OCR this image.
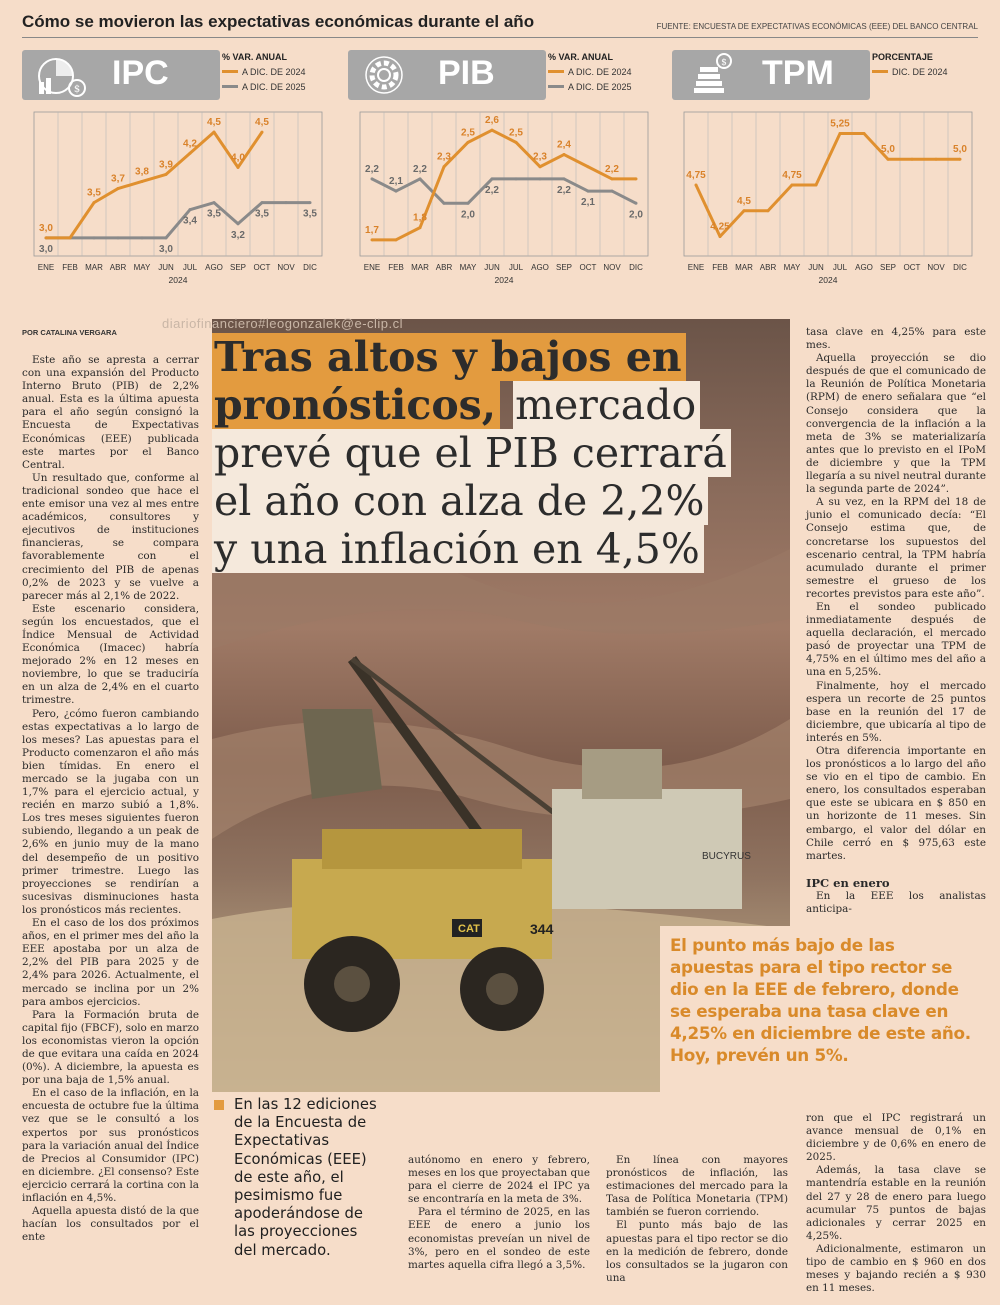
Cómo se movieron las expectativas económicas durante el año	FUENTE: ENCUESTA DE EXPECTATIVAS ECONÓMICAS (EEE) DEL BANCO CENTRAL
$ IPC	% VAR. ANUAL
A DIC. DE 2024
A DIC. DE 2025
ENE FEB MAR ABR MAY JUN JUL AGO SEP OCT NOV DIC
2024
3,0
3,5
3,7
3,8
3,9
4,2
4,5
4,0
4,5
3,0	3,0
3,4
3,5
3,2
3,5	3,5
PIB	% VAR. ANUAL
A DIC. DE 2024
A DIC. DE 2025
ENE FEB MAR ABR MAY JUN JUL AGO SEP OCT NOV DIC
2024
1,7
1,8
2,3
2,5
2,6
2,5
2,3
2,4
2,2
2,2
2,1
2,2
2,0
2,2	2,2
2,1
2,0
$ TPM	PORCENTAJE
DIC. DE 2024
ENE FEB MAR ABR MAY JUN JUL AGO SEP OCT NOV DIC
2024
4,75
4,25
4,5
4,75
5,25
5,0	5,0
POR CATALINA VERGARA

Este año se apresta a cerrar con una expansión del Producto Interno Bruto (PIB) de 2,2% anual. Esta es la última apuesta para el año según consignó la Encuesta de Expectativas Económicas (EEE) publicada este martes por el Banco Central.

Un resultado que, conforme al tradicional sondeo que hace el ente emisor una vez al mes entre académicos, consultores y ejecutivos de instituciones financieras, se compara favorablemente con el crecimiento del PIB de apenas 0,2% de 2023 y se vuelve a parecer más al 2,1% de 2022.

Este escenario considera, según los encuestados, que el Índice Mensual de Actividad Económica (Imacec) habría mejorado 2% en 12 meses en noviembre, lo que se traduciría en un alza de 2,4% en el cuarto trimestre.

Pero, ¿cómo fueron cambiando estas expectativas a lo largo de los meses? Las apuestas para el Producto comenzaron el año más bien tímidas. En enero el mercado se la jugaba con un 1,7% para el ejercicio actual, y recién en marzo subió a 1,8%. Los tres meses siguientes fueron subiendo, llegando a un peak de 2,6% en junio muy de la mano del desempeño de un positivo primer trimestre. Luego las proyecciones se rendirían a sucesivas disminuciones hasta los pronósticos más recientes.

En el caso de los dos próximos años, en el primer mes del año la EEE apostaba por un alza de 2,2% del PIB para 2025 y de 2,4% para 2026. Actualmente, el mercado se inclina por un 2% para ambos ejercicios.

Para la Formación bruta de capital fijo (FBCF), solo en marzo los economistas vieron la opción de que evitara una caída en 2024 (0%). A diciembre, la apuesta es por una baja de 1,5% anual.

En el caso de la inflación, en la encuesta de octubre fue la última vez que se le consultó a los expertos por sus pronósticos para la variación anual del Índice de Precios al Consumidor (IPC) en diciembre. ¿El consenso? Este ejercicio cerrará la cortina con la inflación en 4,5%.

Aquella apuesta distó de la que hacían los consultados por el ente

BUCYRUS
CAT	344
diariofinanciero#leogonzalek@e-clip.cl
Tras altos y bajos en pronósticos, mercado prevé que el PIB cerrará el año con alza de 2,2% y una inflación en 4,5%

tasa clave en 4,25% para este mes.

Aquella proyección se dio después de que el comunicado de la Reunión de Política Monetaria (RPM) de enero señalara que “el Consejo considera que la convergencia de la inflación a la meta de 3% se materializaría antes que lo previsto en el IPoM de diciembre y que la TPM llegaría a su nivel neutral durante la segunda parte de 2024”.

A su vez, en la RPM del 18 de junio el comunicado decía: “El Consejo estima que, de concretarse los supuestos del escenario central, la TPM habría acumulado durante el primer semestre el grueso de los recortes previstos para este año”.

En el sondeo publicado inmediatamente después de aquella declaración, el mercado pasó de proyectar una TPM de 4,75% en el último mes del año a una en 5,25%.

Finalmente, hoy el mercado espera un recorte de 25 puntos base en la reunión del 17 de diciembre, que ubicaría al tipo de interés en 5%.

Otra diferencia importante en los pronósticos a lo largo del año se vio en el tipo de cambio. En enero, los consultados esperaban que este se ubicara en $ 850 en un horizonte de 11 meses. Sin embargo, el valor del dólar en Chile cerró en $ 975,63 este martes.

IPC en enero

En la EEE los analistas anticipa-

El punto más bajo de las apuestas para el tipo rector se dio en la EEE de febrero, donde se esperaba una tasa clave en 4,25% en diciembre de este año. Hoy, prevén un 5%.
En las 12 ediciones de la Encuesta de Expectativas Económicas (EEE) de este año, el pesimismo fue apoderándose de las proyecciones del mercado.

autónomo en enero y febrero, meses en los que proyectaban que para el cierre de 2024 el IPC ya se encontraría en la meta de 3%.

Para el término de 2025, en las EEE de enero a junio los economistas preveían un nivel de 3%, pero en el sondeo de este martes aquella cifra llegó a 3,5%.

En línea con mayores pronósticos de inflación, las estimaciones del mercado para la Tasa de Política Monetaria (TPM) también se fueron corriendo.

El punto más bajo de las apuestas para el tipo rector se dio en la medición de febrero, donde los consultados se la jugaron con una

ron que el IPC registrará un avance mensual de 0,1% en diciembre y de 0,6% en enero de 2025.

Además, la tasa clave se mantendría estable en la reunión del 27 y 28 de enero para luego acumular 75 puntos de bajas adicionales y cerrar 2025 en 4,25%.

Adicionalmente, estimaron un tipo de cambio en $ 960 en dos meses y bajando recién a $ 930 en 11 meses.
